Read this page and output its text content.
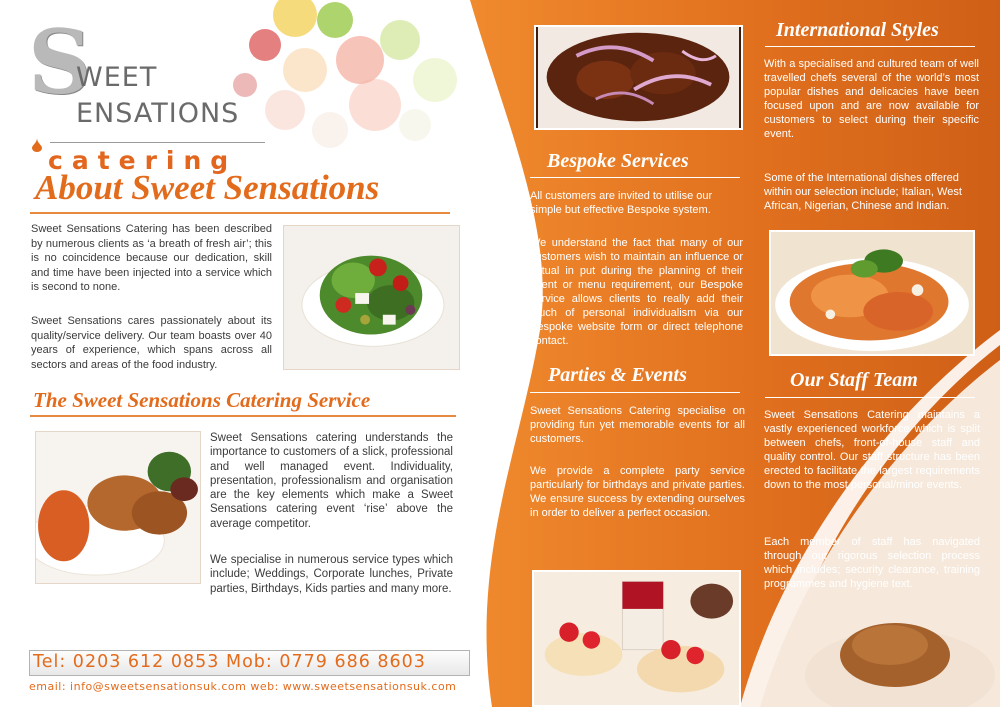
S
WEET
ENSATIONS
catering
About Sweet Sensations

Sweet Sensations Catering has been described by numerous clients as ‘a breath of fresh air’; this is no coincidence because our dedication, skill and time have been injected into a service which is second to none.

Sweet Sensations cares passionately about its quality/service delivery. Our team boasts over 40 years of experience, which spans across all sectors and areas of the food industry.

The Sweet Sensations Catering Service

Sweet Sensations catering understands the importance to customers of a slick, professional and well managed event. Individuality, presentation, professionalism and organisation are the key elements which make a Sweet Sensations catering event ‘rise’ above the average competitor.

We specialise in numerous service types which include; Weddings, Corporate lunches, Private parties, Birthdays, Kids parties and many more.

Tel: 0203 612 0853 Mob: 0779 686 8603
email: info@sweetsensationsuk.com web: www.sweetsensationsuk.com
International Styles

With a specialised and cultured team of well travelled chefs several of the world’s most popular dishes and delicacies have been focused upon and are now available for customers to select during their specific event.

Some of the International dishes offered within our selection include; Italian, West African, Nigerian, Chinese and Indian.

Bespoke Services

All customers are invited to utilise our simple but effective Bespoke system.

We understand the fact that many of our customers wish to maintain an influence or actual in put during the planning of their event or menu requirement, our Bespoke service allows clients to really add their touch of personal individualism via our Bespoke website form or direct telephone contact.

Parties & Events

Sweet Sensations Catering specialise on providing fun yet memorable events for all customers.

We provide a complete party service particularly for birthdays and private parties. We ensure success by extending ourselves in order to deliver a perfect occasion.

Our Staff Team

Sweet Sensations Catering maintains a vastly experienced workforce which is split between chefs, front-of-house staff and quality control. Our staff structure has been erected to facilitate the largest requirements down to the most personal/minor events.

Each member of staff has navigated through our rigorous selection process which includes; security clearance, training programmes and hygiene text.
